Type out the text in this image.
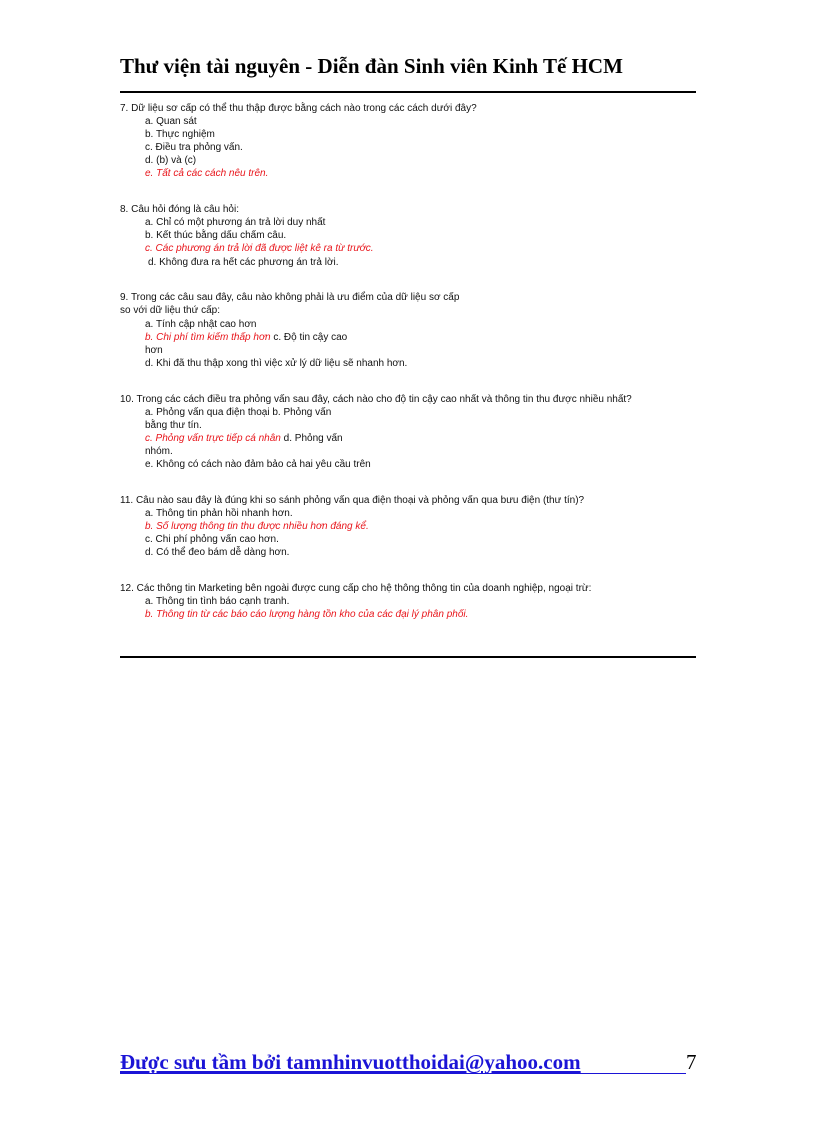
Thư viện tài nguyên - Diễn đàn Sinh viên Kinh Tế HCM
7. Dữ liệu sơ cấp có thể thu thập được bằng cách nào trong các cách dưới đây?
a. Quan sát
b. Thực nghiệm
c. Điều tra phỏng vấn.
d. (b) và (c)
e. Tất cả các cách nêu trên.
8. Câu hỏi đóng là câu hỏi:
a. Chỉ có một phương án trả lời duy nhất
b. Kết thúc bằng dấu chấm câu.
c. Các phương án trả lời đã được liệt kê ra từ trước.
d. Không đưa ra hết các phương án trả lời.
9. Trong các câu sau đây, câu nào không phải là ưu điểm của dữ liệu sơ cấp
so với dữ liệu thứ cấp:
a. Tính cập nhật cao hơn
b. Chi phí tìm kiếm thấp hơn c. Độ tin cậy cao
hơn
d. Khi đã thu thập xong thì việc xử lý dữ liệu sẽ nhanh hơn.
10. Trong các cách điều tra phỏng vấn sau đây, cách nào cho độ tin cậy cao nhất và thông tin thu được nhiều nhất?
a. Phỏng vấn qua điện thoại b. Phỏng vấn
bằng thư tín.
c. Phỏng vấn trực tiếp cá nhân d. Phỏng vấn
nhóm.
e. Không có cách nào đảm bảo cả hai yêu cầu trên
11. Câu nào sau đây là đúng khi so sánh phỏng vấn qua điện thoại và phỏng vấn qua bưu điện (thư tín)?
a. Thông tin phản hồi nhanh hơn.
b. Số lượng thông tin thu được nhiều hơn đáng kể.
c. Chi phí phỏng vấn cao hơn.
d. Có thể đeo bám dễ dàng hơn.
12. Các thông tin Marketing bên ngoài được cung cấp cho hệ thông thông tin của doanh nghiệp, ngoại trừ:
a. Thông tin tình báo cạnh tranh.
b. Thông tin từ các báo cáo lượng hàng tồn kho của các đại lý phân phối.
Được sưu tầm bởi tamnhinvuotthoidai@yahoo.com	7
